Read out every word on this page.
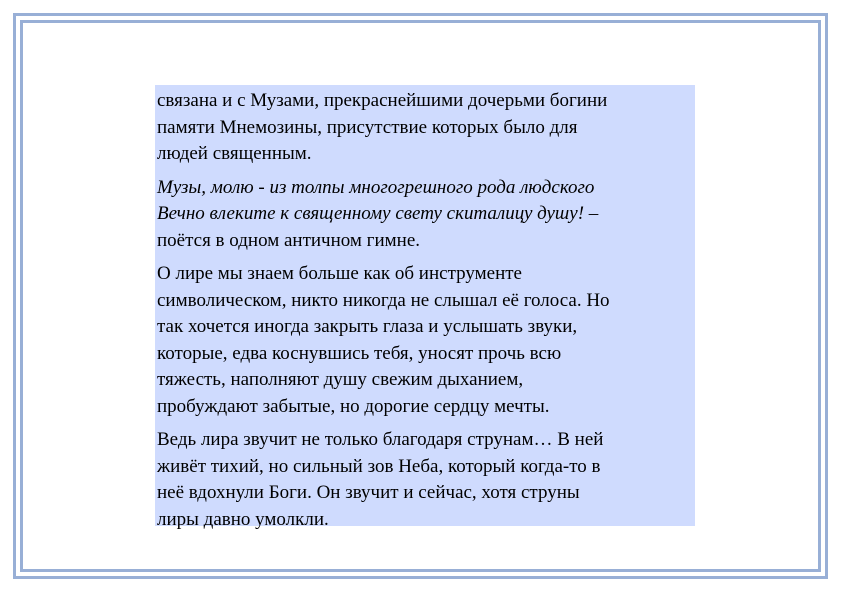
связана и с Музами, прекраснейшими дочерьми богини
памяти Мнемозины, присутствие которых было для
людей священным.
Музы, молю - из толпы многогрешного рода людского
Вечно влеките к священному свету скиталицу душу! –
поётся в одном античном гимне.
О лире мы знаем больше как об инструменте
символическом, никто никогда не слышал её голоса. Но
так хочется иногда закрыть глаза и услышать звуки,
которые, едва коснувшись тебя, уносят прочь всю
тяжесть, наполняют душу свежим дыханием,
пробуждают забытые, но дорогие сердцу мечты.
Ведь лира звучит не только благодаря струнам… В ней
живёт тихий, но сильный зов Неба, который когда-то в
неё вдохнули Боги. Он звучит и сейчас, хотя струны
лиры давно умолкли.
